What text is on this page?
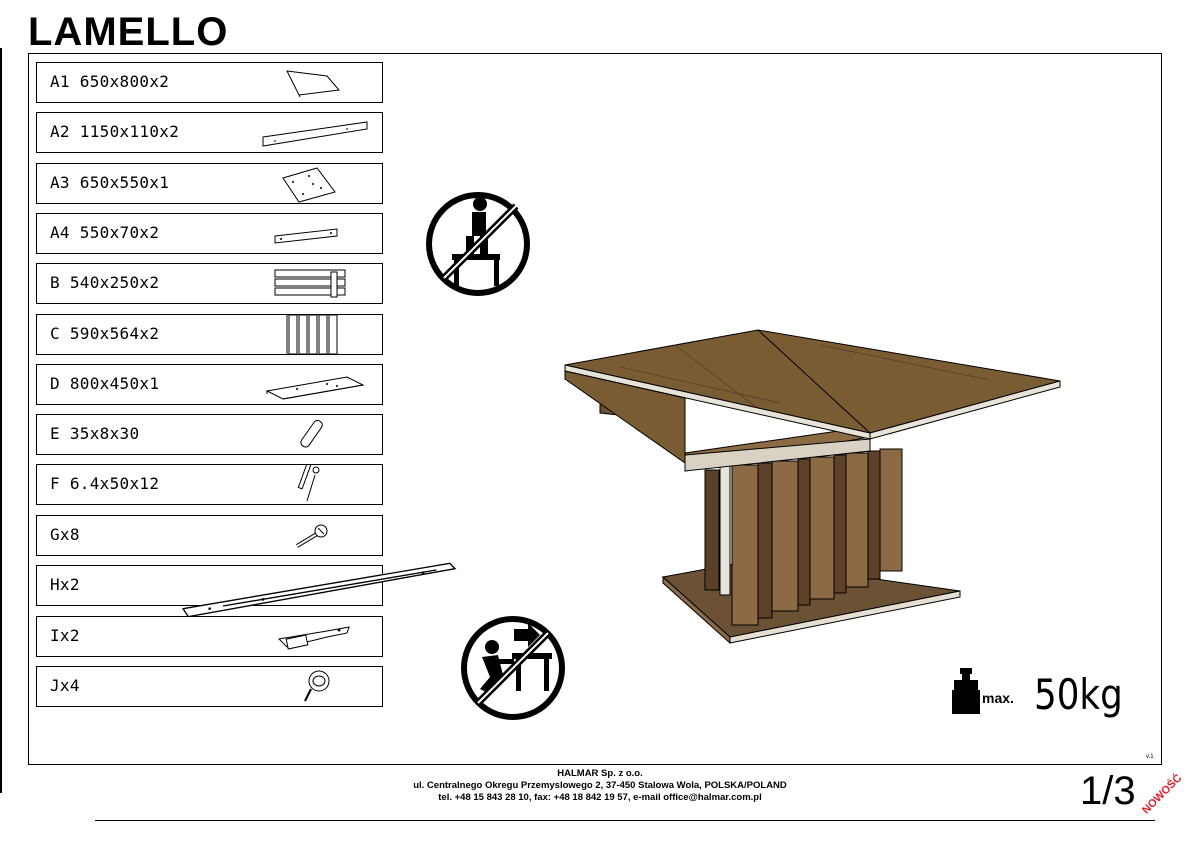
LAMELLO
A1 650x800x2
A2 1150x110x2
A3 650x550x1
A4 550x70x2
B 540x250x2
C 590x564x2
D 800x450x1
E 35x8x30
F 6.4x50x12
Gx8
Hx2
Ix2
Jx4
max. 50kg
v.1
HALMAR Sp. z o.o.
ul. Centralnego Okregu Przemyslowego 2, 37-450 Stalowa Wola, POLSKA/POLAND
tel. +48 15 843 28 10, fax: +48 18 842 19 57, e-mail office@halmar.com.pl	1/3 NOWOŚĆ
